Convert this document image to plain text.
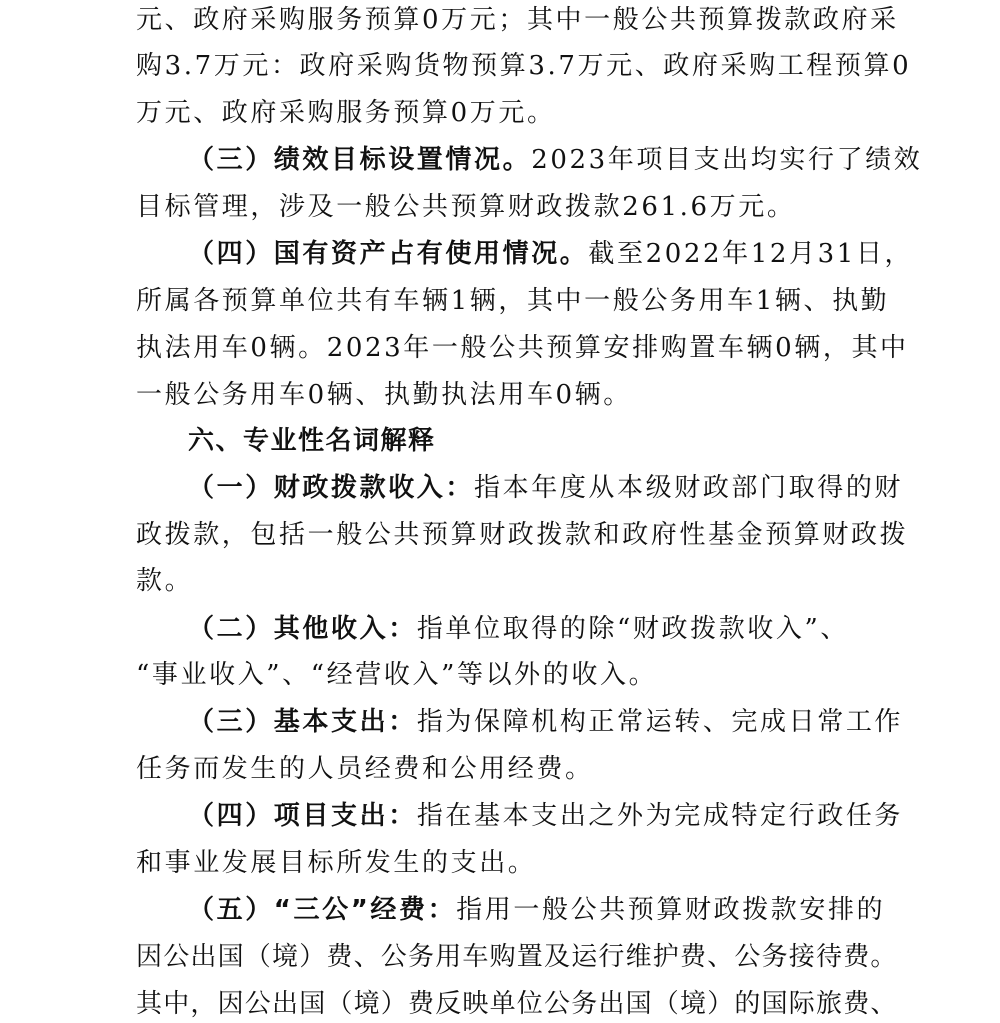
元、政府采购服务预算0万元；其中一般公共预算拨款政府采
购3.7万元：政府采购货物预算3.7万元、政府采购工程预算0
万元、政府采购服务预算0万元。
（三）绩效目标设置情况。2023年项目支出均实行了绩效
目标管理，涉及一般公共预算财政拨款261.6万元。
（四）国有资产占有使用情况。截至2022年12月31日，
所属各预算单位共有车辆1辆，其中一般公务用车1辆、执勤
执法用车0辆。2023年一般公共预算安排购置车辆0辆，其中
一般公务用车0辆、执勤执法用车0辆。
六、专业性名词解释
（一）财政拨款收入：指本年度从本级财政部门取得的财
政拨款，包括一般公共预算财政拨款和政府性基金预算财政拨
款。
（二）其他收入：指单位取得的除“财政拨款收入”、
“事业收入”、“经营收入”等以外的收入。
（三）基本支出：指为保障机构正常运转、完成日常工作
任务而发生的人员经费和公用经费。
（四）项目支出：指在基本支出之外为完成特定行政任务
和事业发展目标所发生的支出。
（五）“三公”经费：指用一般公共预算财政拨款安排的
因公出国（境）费、公务用车购置及运行维护费、公务接待费。
其中，因公出国（境）费反映单位公务出国（境）的国际旅费、
